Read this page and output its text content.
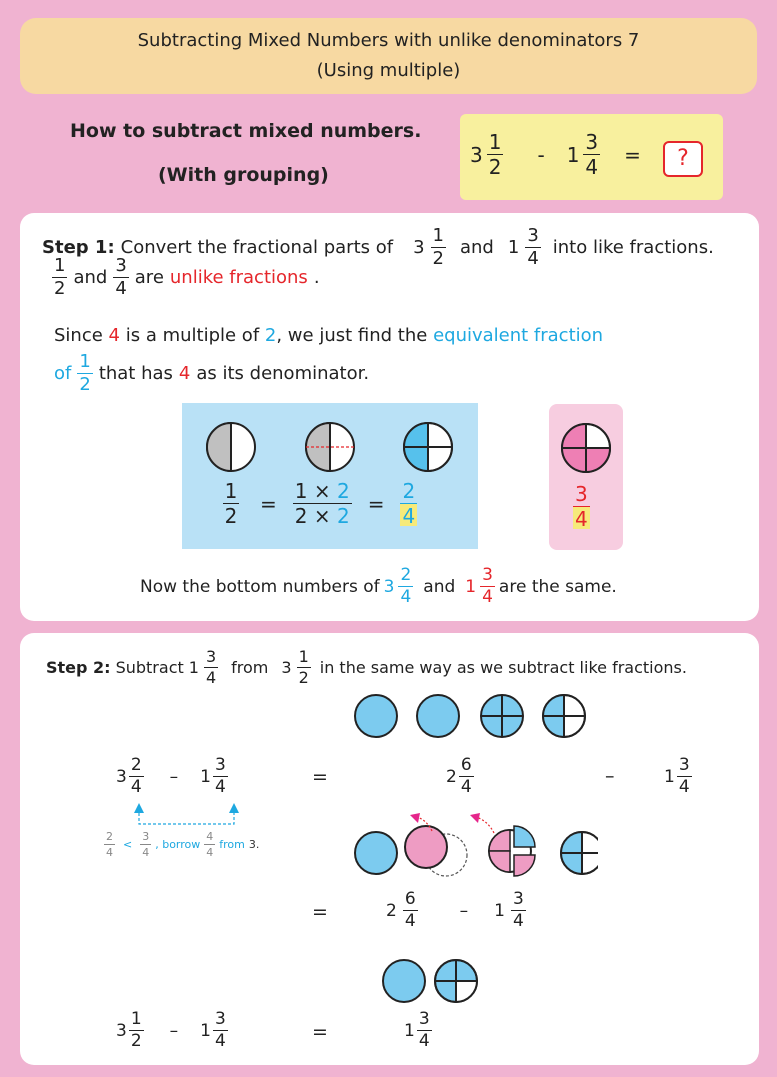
Subtracting Mixed Numbers with unlike denominators 7
(Using multiple)
How to subtract mixed numbers.
(With grouping)
$3 \frac{1}{2} - 1 \frac{3}{4}$ =	?
Step 1: Convert the fractional parts of $3 \frac{1}{2}$ and $1 \frac{3}{4}$ into like fractions.
$\frac{1}{2}$ and $\frac{3}{4}$ are unlike fractions .
Since 4 is a multiple of 2, we just find the equivalent fraction
of $\frac{1}{2}$ that has 4 as its denominator.
$\frac{1}{2} = \frac{1 \times 2}{2 \times 2} = \frac{2}{4}$	$\frac{3}{4}$
Now the bottom numbers of $3 \frac{2}{4}$ and $1 \frac{3}{4}$ are the same.
Step 2: Subtract $1 \frac{3}{4}$ from $3 \frac{1}{2}$ in the same way as we subtract like fractions.
$3 \frac{2}{4} - 1 \frac{3}{4}$	=	$2 \frac{6}{4}$	–	$1 \frac{3}{4}$
$\frac{2}{4} < \frac{3}{4}$ , borrow $\frac{4}{4}$ from 3.
=	$2 \frac{6}{4} - 1 \frac{3}{4}$
$3 \frac{1}{2} - 1 \frac{3}{4}$	=	$1 \frac{3}{4}$
